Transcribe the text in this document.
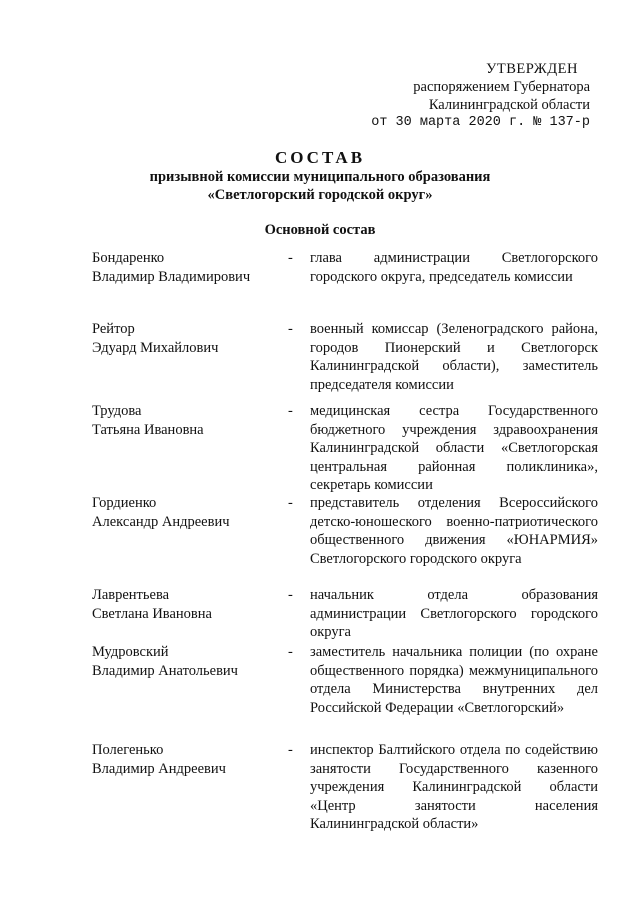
УТВЕРЖДЕН
распоряжением Губернатора
Калининградской области
от 30 марта 2020 г. № 137-р
СОСТАВ
призывной комиссии муниципального образования
«Светлогорский городской округ»
Основной состав
Бондаренко
Владимир Владимирович
-	глава администрации Светлогорского городского округа, председатель комиссии
Рейтор
Эдуард Михайлович
-	военный комиссар (Зеленоградского района, городов Пионерский и Светлогорск Калининградской области), заместитель председателя комиссии
Трудова
Татьяна Ивановна
-	медицинская сестра Государственного бюджетного учреждения здравоохранения Калининградской области «Светлогорская центральная районная поликлиника», секретарь комиссии
Гордиенко
Александр Андреевич
-	представитель отделения Всероссийского детско-юношеского военно-патриотического общественного движения «ЮНАРМИЯ» Светлогорского городского округа
Лаврентьева
Светлана Ивановна
-	начальник отдела образования администрации Светлогорского городского округа
Мудровский
Владимир Анатольевич
-	заместитель начальника полиции (по охране общественного порядка) межмуниципального отдела Министерства внутренних дел Российской Федерации «Светлогорский»
Полегенько
Владимир Андреевич
-	инспектор Балтийского отдела по содействию занятости Государственного казенного учреждения Калининградской области «Центр занятости населения Калининградской области»
